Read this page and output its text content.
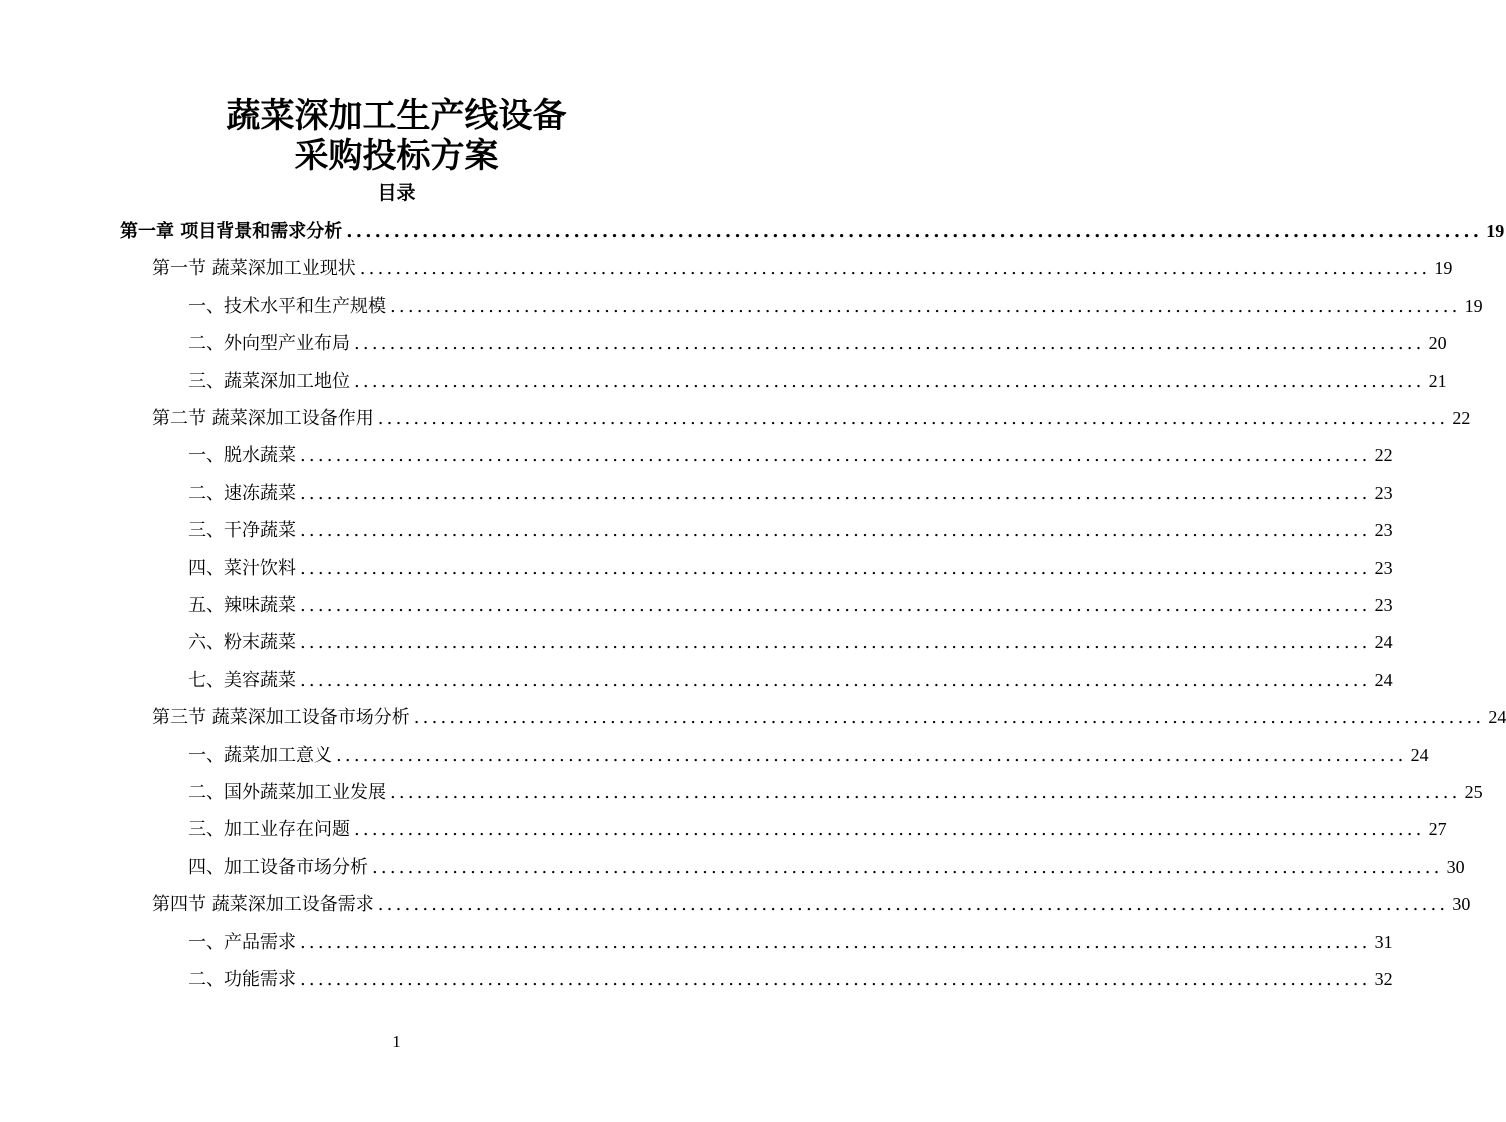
蔬菜深加工生产线设备
采购投标方案
目录
第一章 项目背景和需求分析 ........................................................................................................................ 19
第一节 蔬菜深加工业现状 ........................................................................................................................ 19
一、技术水平和生产规模 ........................................................................................................................ 19
二、外向型产业布局 ........................................................................................................................ 20
三、蔬菜深加工地位 ........................................................................................................................ 21
第二节 蔬菜深加工设备作用 ........................................................................................................................ 22
一、脱水蔬菜 ........................................................................................................................ 22
二、速冻蔬菜 ........................................................................................................................ 23
三、干净蔬菜 ........................................................................................................................ 23
四、菜汁饮料 ........................................................................................................................ 23
五、辣味蔬菜 ........................................................................................................................ 23
六、粉末蔬菜 ........................................................................................................................ 24
七、美容蔬菜 ........................................................................................................................ 24
第三节 蔬菜深加工设备市场分析 ........................................................................................................................ 24
一、蔬菜加工意义 ........................................................................................................................ 24
二、国外蔬菜加工业发展 ........................................................................................................................ 25
三、加工业存在问题 ........................................................................................................................ 27
四、加工设备市场分析 ........................................................................................................................ 30
第四节 蔬菜深加工设备需求 ........................................................................................................................ 30
一、产品需求 ........................................................................................................................ 31
二、功能需求 ........................................................................................................................ 32
1
